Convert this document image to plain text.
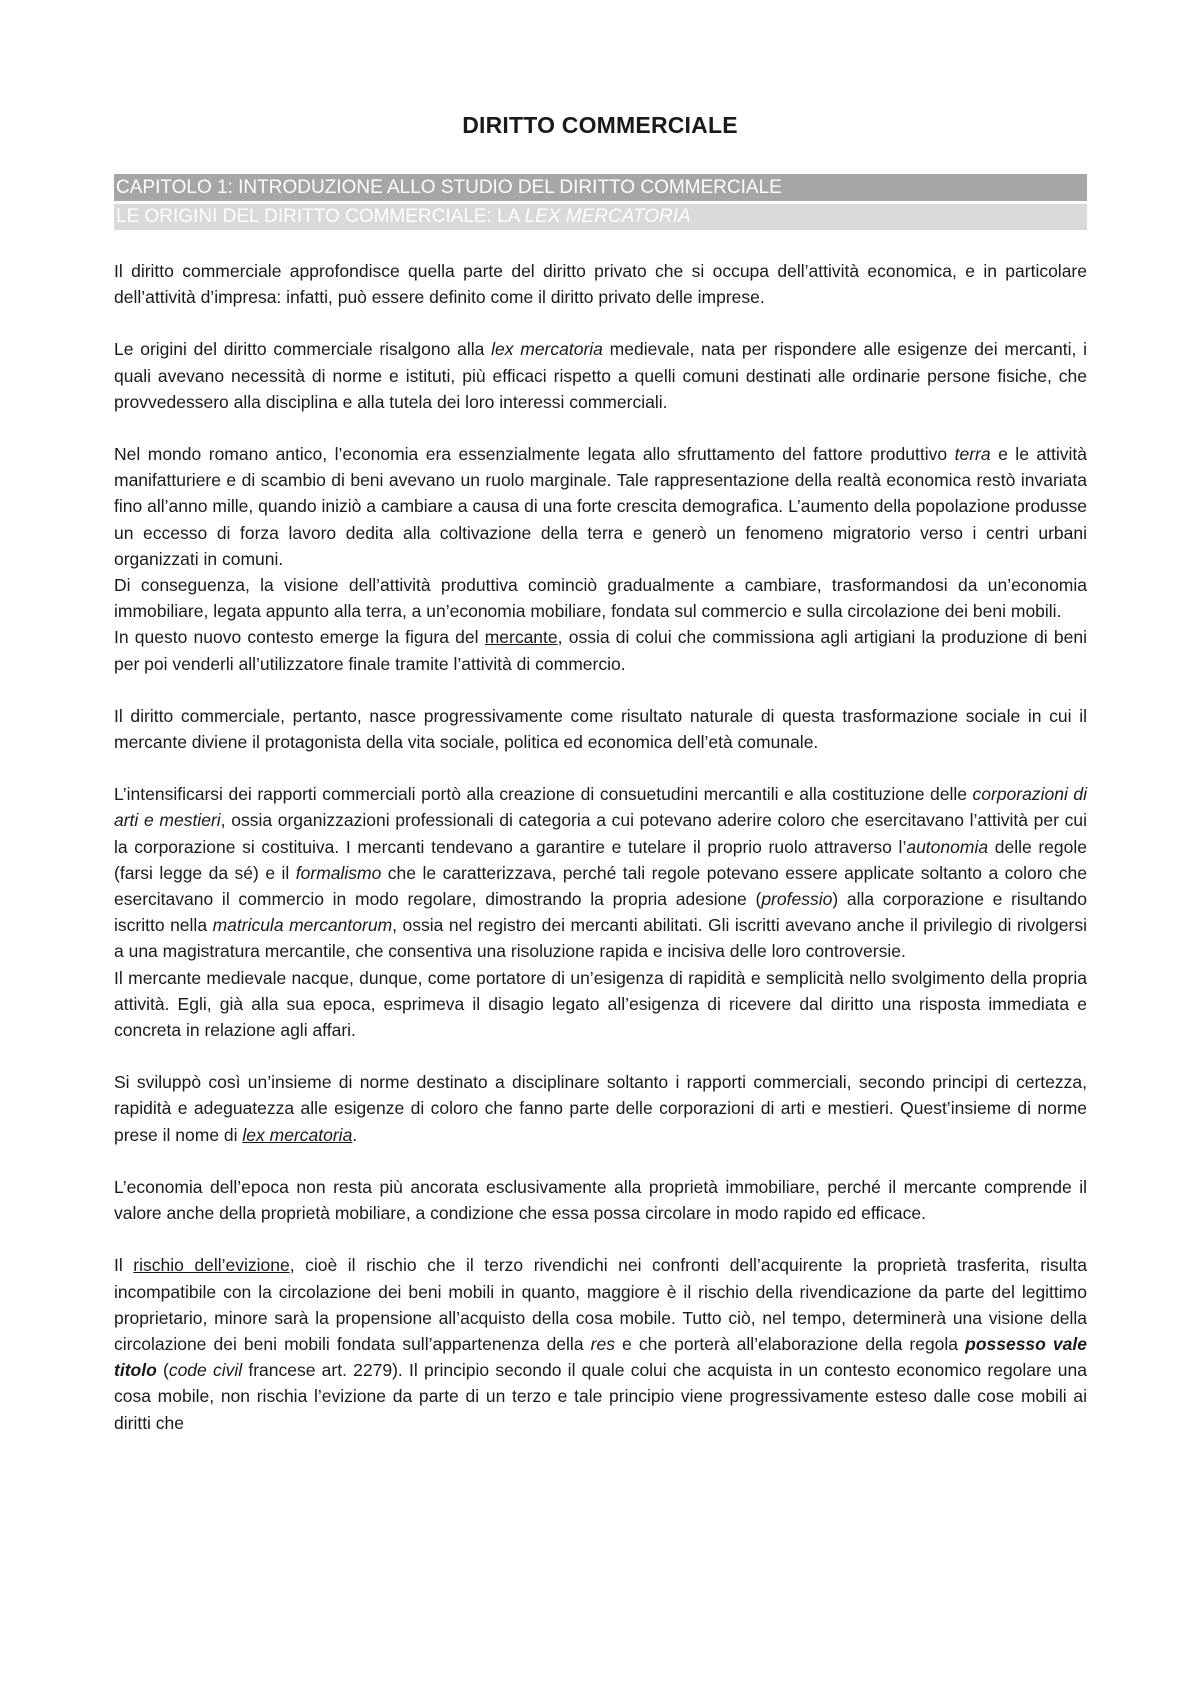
DIRITTO COMMERCIALE
CAPITOLO 1: INTRODUZIONE ALLO STUDIO DEL DIRITTO COMMERCIALE
LE ORIGINI DEL DIRITTO COMMERCIALE: LA LEX MERCATORIA

Il diritto commerciale approfondisce quella parte del diritto privato che si occupa dell’attività economica, e in particolare dell’attività d’impresa: infatti, può essere definito come il diritto privato delle imprese.

Le origini del diritto commerciale risalgono alla lex mercatoria medievale, nata per rispondere alle esigenze dei mercanti, i quali avevano necessità di norme e istituti, più efficaci rispetto a quelli comuni destinati alle ordinarie persone fisiche, che provvedessero alla disciplina e alla tutela dei loro interessi commerciali.

Nel mondo romano antico, l’economia era essenzialmente legata allo sfruttamento del fattore produttivo terra e le attività manifatturiere e di scambio di beni avevano un ruolo marginale. Tale rappresentazione della realtà economica restò invariata fino all’anno mille, quando iniziò a cambiare a causa di una forte crescita demografica. L’aumento della popolazione produsse un eccesso di forza lavoro dedita alla coltivazione della terra e generò un fenomeno migratorio verso i centri urbani organizzati in comuni.

Di conseguenza, la visione dell’attività produttiva cominciò gradualmente a cambiare, trasformandosi da un’economia immobiliare, legata appunto alla terra, a un’economia mobiliare, fondata sul commercio e sulla circolazione dei beni mobili.

In questo nuovo contesto emerge la figura del mercante, ossia di colui che commissiona agli artigiani la produzione di beni per poi venderli all’utilizzatore finale tramite l’attività di commercio.

Il diritto commerciale, pertanto, nasce progressivamente come risultato naturale di questa trasformazione sociale in cui il mercante diviene il protagonista della vita sociale, politica ed economica dell’età comunale.

L’intensificarsi dei rapporti commerciali portò alla creazione di consuetudini mercantili e alla costituzione delle corporazioni di arti e mestieri, ossia organizzazioni professionali di categoria a cui potevano aderire coloro che esercitavano l’attività per cui la corporazione si costituiva. I mercanti tendevano a garantire e tutelare il proprio ruolo attraverso l’autonomia delle regole (farsi legge da sé) e il formalismo che le caratterizzava, perché tali regole potevano essere applicate soltanto a coloro che esercitavano il commercio in modo regolare, dimostrando la propria adesione (professio) alla corporazione e risultando iscritto nella matricula mercantorum, ossia nel registro dei mercanti abilitati. Gli iscritti avevano anche il privilegio di rivolgersi a una magistratura mercantile, che consentiva una risoluzione rapida e incisiva delle loro controversie.

Il mercante medievale nacque, dunque, come portatore di un’esigenza di rapidità e semplicità nello svolgimento della propria attività. Egli, già alla sua epoca, esprimeva il disagio legato all’esigenza di ricevere dal diritto una risposta immediata e concreta in relazione agli affari.

Si sviluppò così un’insieme di norme destinato a disciplinare soltanto i rapporti commerciali, secondo principi di certezza, rapidità e adeguatezza alle esigenze di coloro che fanno parte delle corporazioni di arti e mestieri. Quest’insieme di norme prese il nome di lex mercatoria.

L’economia dell’epoca non resta più ancorata esclusivamente alla proprietà immobiliare, perché il mercante comprende il valore anche della proprietà mobiliare, a condizione che essa possa circolare in modo rapido ed efficace.

Il rischio dell’evizione, cioè il rischio che il terzo rivendichi nei confronti dell’acquirente la proprietà trasferita, risulta incompatibile con la circolazione dei beni mobili in quanto, maggiore è il rischio della rivendicazione da parte del legittimo proprietario, minore sarà la propensione all’acquisto della cosa mobile. Tutto ciò, nel tempo, determinerà una visione della circolazione dei beni mobili fondata sull’appartenenza della res e che porterà all’elaborazione della regola possesso vale titolo (code civil francese art. 2279). Il principio secondo il quale colui che acquista in un contesto economico regolare una cosa mobile, non rischia l’evizione da parte di un terzo e tale principio viene progressivamente esteso dalle cose mobili ai diritti che
